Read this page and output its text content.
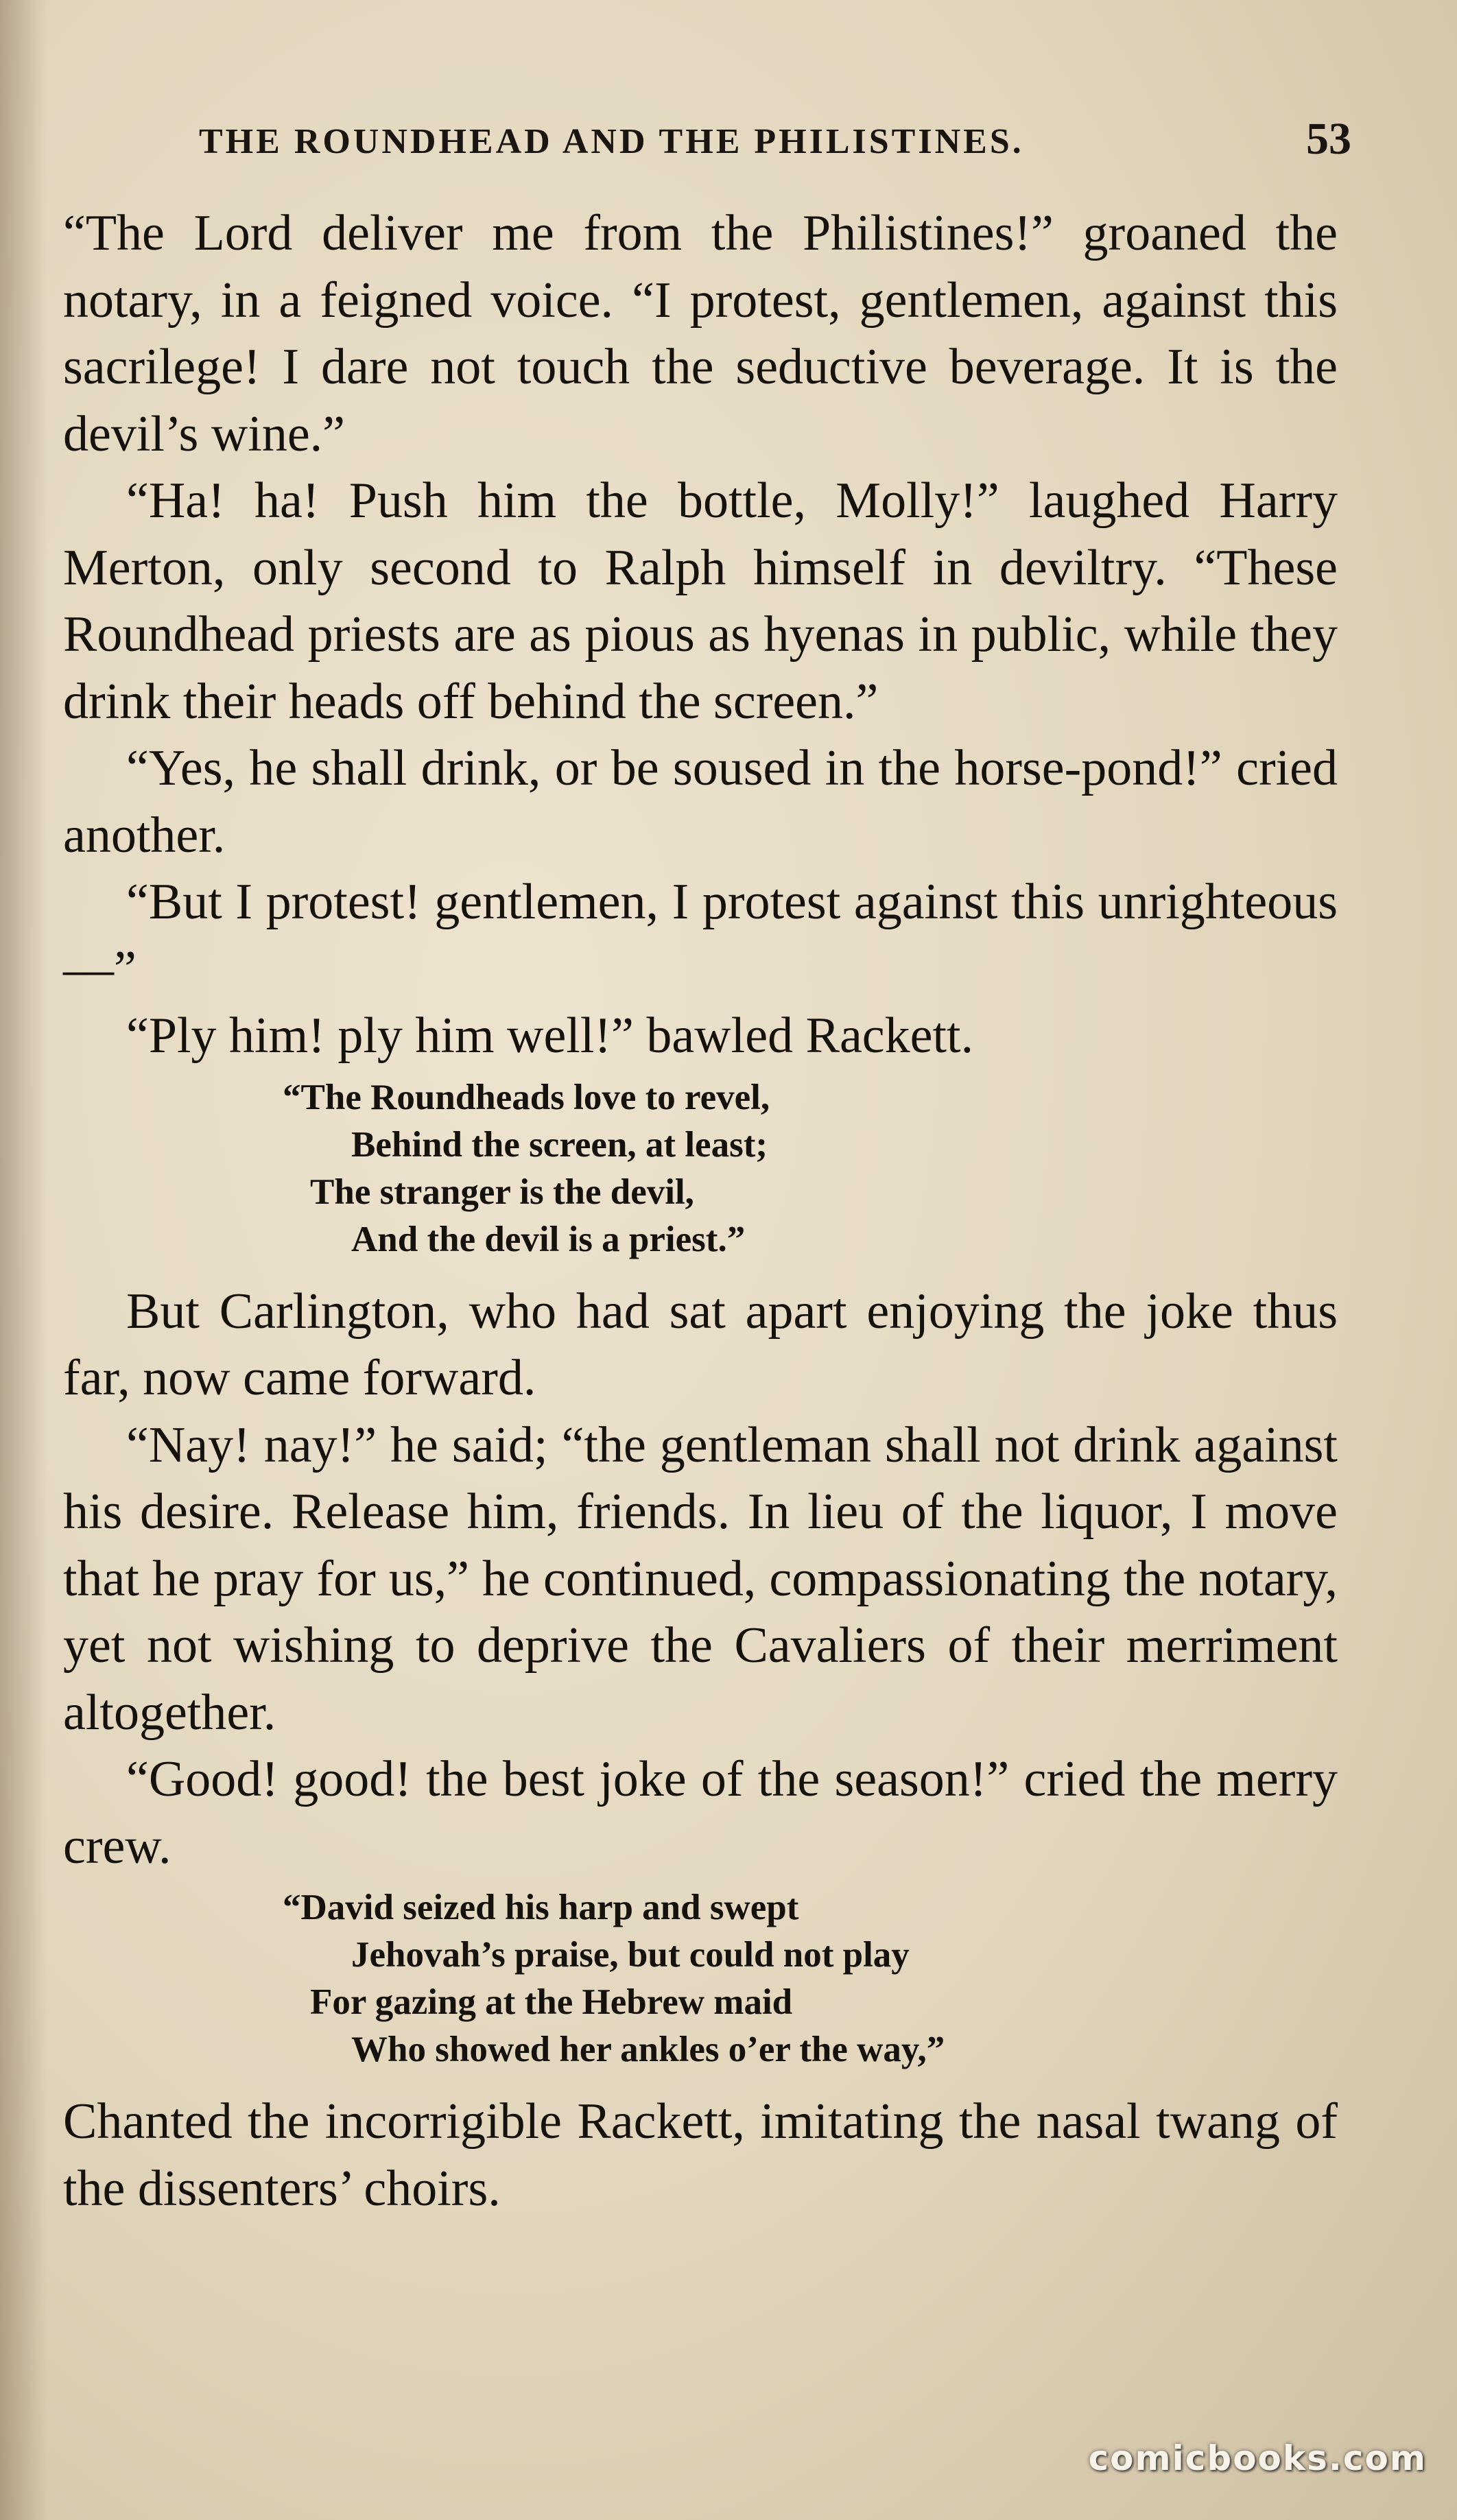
THE ROUNDHEAD AND THE PHILISTINES.	53

“The Lord deliver me from the Philistines!” groaned the notary, in a feigned voice. “I protest, gentlemen, against this sacrilege! I dare not touch the seductive beverage. It is the devil’s wine.”

“Ha! ha! Push him the bottle, Molly!” laughed Harry Merton, only second to Ralph himself in deviltry. “These Roundhead priests are as pious as hyenas in public, while they drink their heads off behind the screen.”

“Yes, he shall drink, or be soused in the horse-pond!” cried another.

“But I protest! gentlemen, I protest against this unrighteous—”

“Ply him! ply him well!” bawled Rackett.

“The Roundheads love to revel,
Behind the screen, at least;
The stranger is the devil,
And the devil is a priest.”

But Carlington, who had sat apart enjoying the joke thus far, now came forward.

“Nay! nay!” he said; “the gentleman shall not drink against his desire. Release him, friends. In lieu of the liquor, I move that he pray for us,” he continued, compassionating the notary, yet not wishing to deprive the Cavaliers of their merriment altogether.

“Good! good! the best joke of the season!” cried the merry crew.

“David seized his harp and swept
Jehovah’s praise, but could not play
For gazing at the Hebrew maid
Who showed her ankles o’er the way,”

Chanted the incorrigible Rackett, imitating the nasal twang of the dissenters’ choirs.

comicbooks.com
